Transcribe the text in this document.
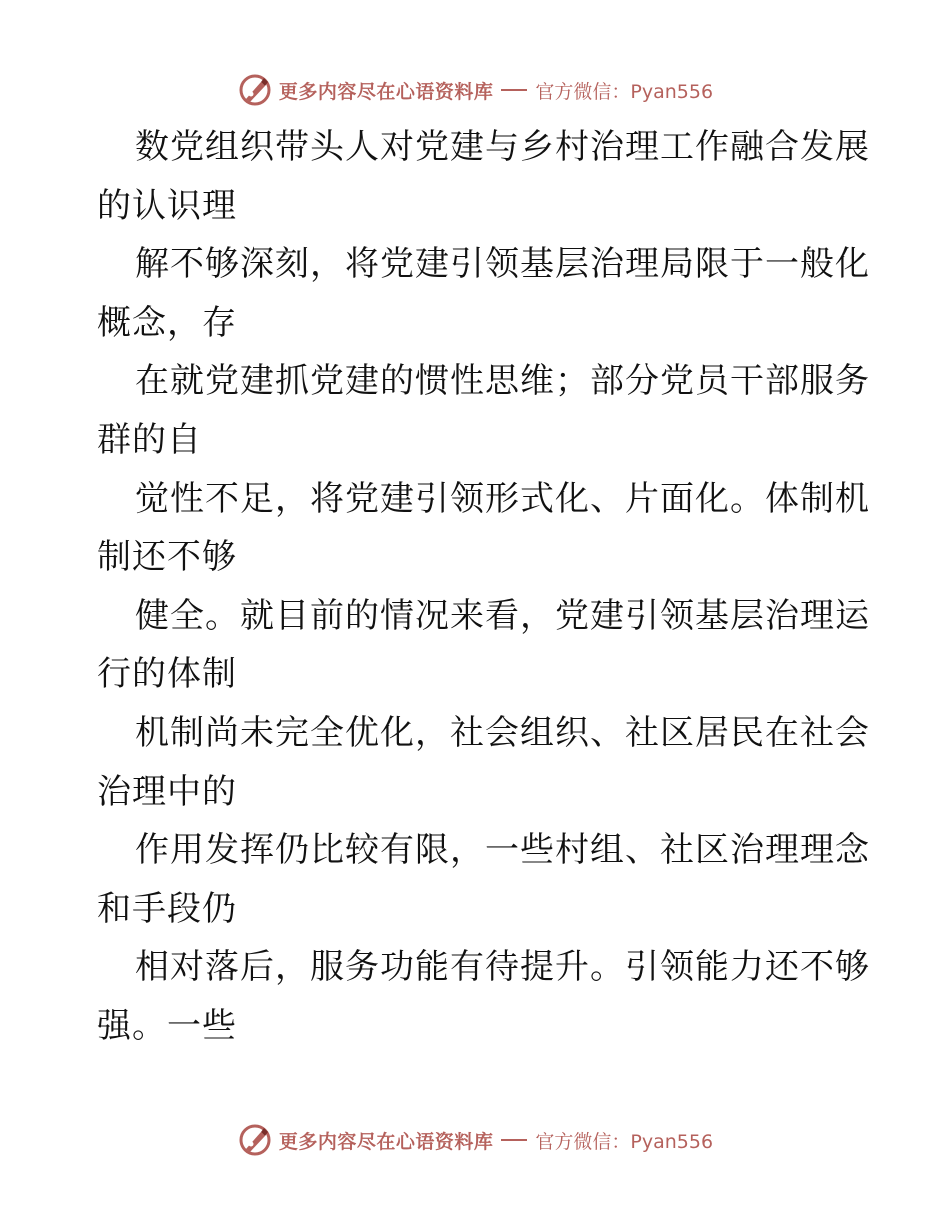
更多内容尽在心语资料库 官方微信：Pyan556
数党组织带头人对党建与乡村治理工作融合发展
的认识理
解不够深刻，将党建引领基层治理局限于一般化
概念，存
在就党建抓党建的惯性思维；部分党员干部服务
群的自
觉性不足，将党建引领形式化、片面化。体制机
制还不够
健全。就目前的情况来看，党建引领基层治理运
行的体制
机制尚未完全优化，社会组织、社区居民在社会
治理中的
作用发挥仍比较有限，一些村组、社区治理理念
和手段仍
相对落后，服务功能有待提升。引领能力还不够
强。一些
更多内容尽在心语资料库 官方微信：Pyan556
